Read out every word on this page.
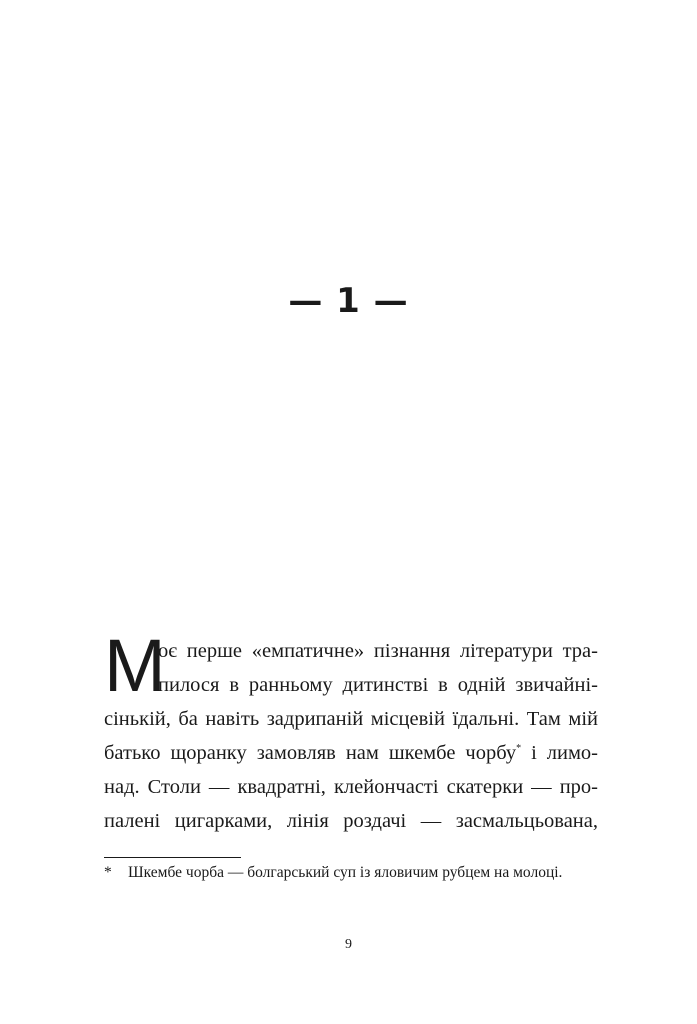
— 1 —
М
оє перше «емпатичне» пізнання літератури тра-
пилося в ранньому дитинстві в одній звичайні-
сінькій, ба навіть задрипаній місцевій їдальні. Там мій
батько щоранку замовляв нам шкембе чорбу* і лимо-
над. Столи — квадратні, клейончасті скатерки — про-
палені цигарками, лінія роздачі — засмальцьована,
* Шкембе чорба — болгарський суп із яловичим рубцем на молоці.
9
